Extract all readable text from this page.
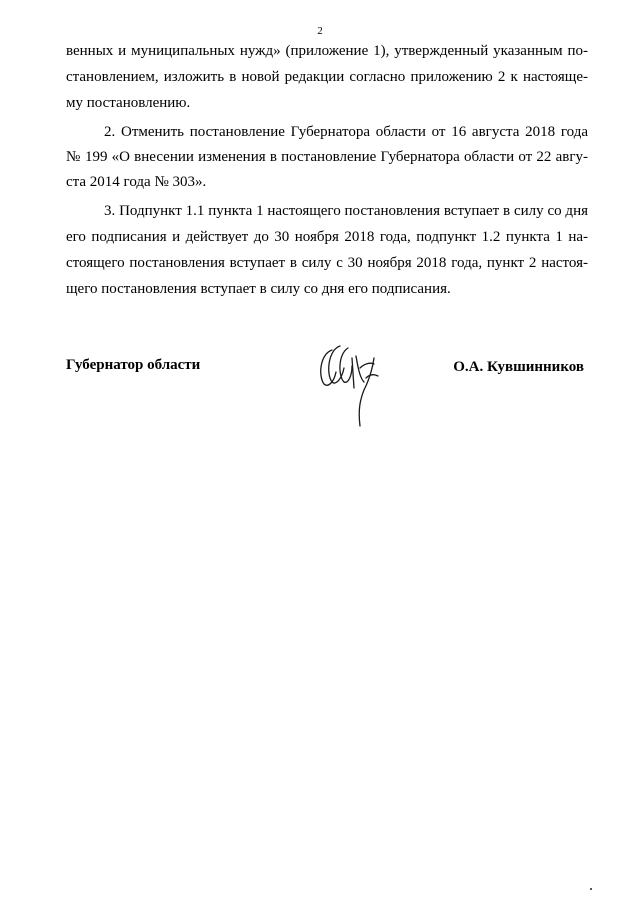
2
венных и муниципальных нужд» (приложение 1), утвержденный указанным по-
становлением, изложить в новой редакции согласно приложению 2 к настояще-
му постановлению.
2. Отменить постановление Губернатора области от 16 августа 2018 года
№ 199 «О внесении изменения в постановление Губернатора области от 22 авгу-
ста 2014 года № 303».
3. Подпункт 1.1 пункта 1 настоящего постановления вступает в силу со дня
его подписания и действует до 30 ноября 2018 года, подпункт 1.2 пункта 1 на-
стоящего постановления вступает в силу с 30 ноября 2018 года, пункт 2 настоя-
щего постановления вступает в силу со дня его подписания.
Губернатор области	О.А. Кувшинников
